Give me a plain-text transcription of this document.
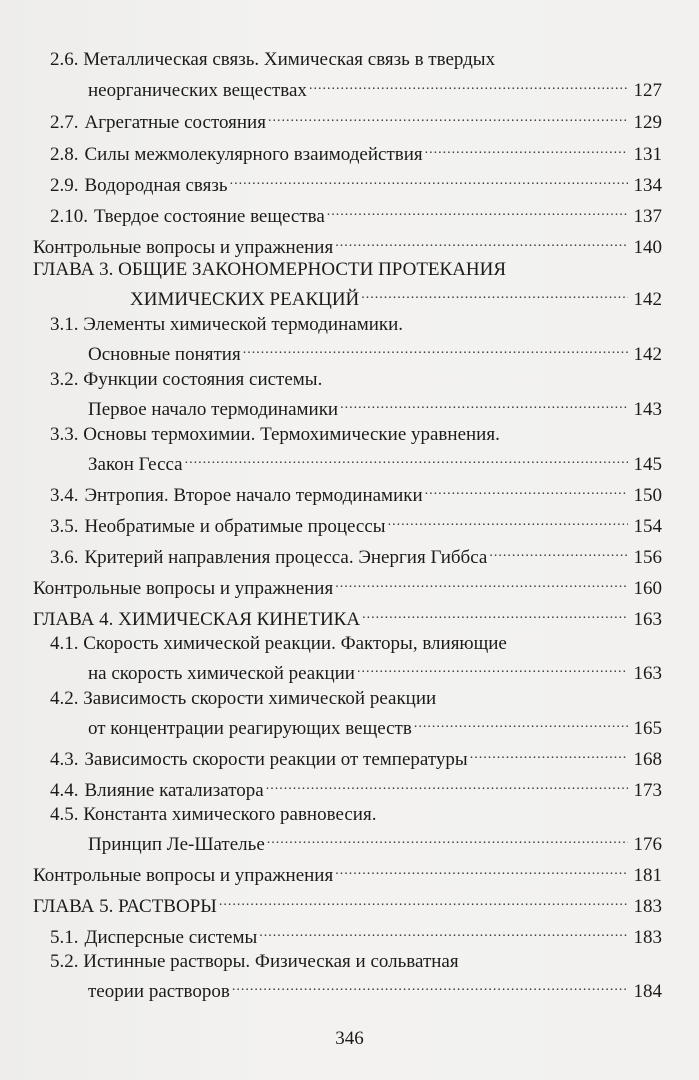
2.6. Металлическая связь. Химическая связь в твердых
неорганических веществах .....	127
2.7. Агрегатные состояния .....	129
2.8. Силы межмолекулярного взаимодействия .....	131
2.9. Водородная связь .....	134
2.10. Твердое состояние вещества .....	137
Контрольные вопросы и упражнения .....	140
ГЛАВА 3. ОБЩИЕ ЗАКОНОМЕРНОСТИ ПРОТЕКАНИЯ
ХИМИЧЕСКИХ РЕАКЦИЙ .....	142
3.1. Элементы химической термодинамики.
Основные понятия .....	142
3.2. Функции состояния системы.
Первое начало термодинамики .....	143
3.3. Основы термохимии. Термохимические уравнения.
Закон Гесса .....	145
3.4. Энтропия. Второе начало термодинамики .....	150
3.5. Необратимые и обратимые процессы .....	154
3.6. Критерий направления процесса. Энергия Гиббса .....	156
Контрольные вопросы и упражнения .....	160
ГЛАВА 4. ХИМИЧЕСКАЯ КИНЕТИКА .....	163
4.1. Скорость химической реакции. Факторы, влияющие
на скорость химической реакции .....	163
4.2. Зависимость скорости химической реакции
от концентрации реагирующих веществ .....	165
4.3. Зависимость скорости реакции от температуры .....	168
4.4. Влияние катализатора .....	173
4.5. Константа химического равновесия.
Принцип Ле-Шателье .....	176
Контрольные вопросы и упражнения .....	181
ГЛАВА 5. РАСТВОРЫ .....	183
5.1. Дисперсные системы .....	183
5.2. Истинные растворы. Физическая и сольватная
теории растворов .....	184
346
